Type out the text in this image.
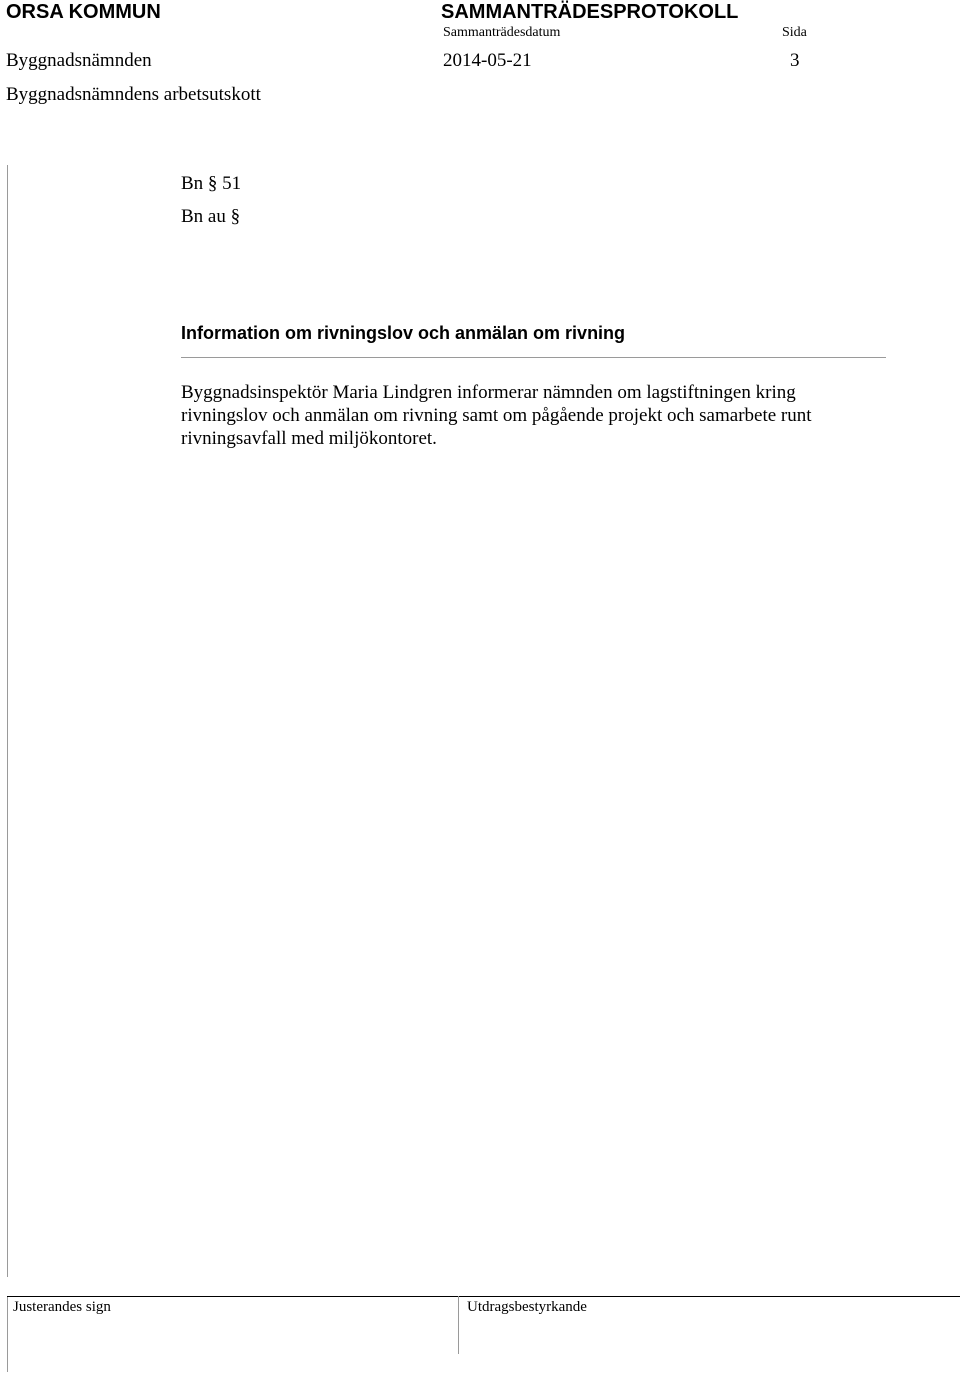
ORSA KOMMUN	SAMMANTRÄDESPROTOKOLL
Sammanträdesdatum	Sida
Byggnadsnämnden	2014-05-21	3
Byggnadsnämndens arbetsutskott
Bn § 51
Bn au §
Information om rivningslov och anmälan om rivning
Byggnadsinspektör Maria Lindgren informerar nämnden om lagstiftningen kring
rivningslov och anmälan om rivning samt om pågående projekt och samarbete runt
rivningsavfall med miljökontoret.
Justerandes sign	Utdragsbestyrkande
